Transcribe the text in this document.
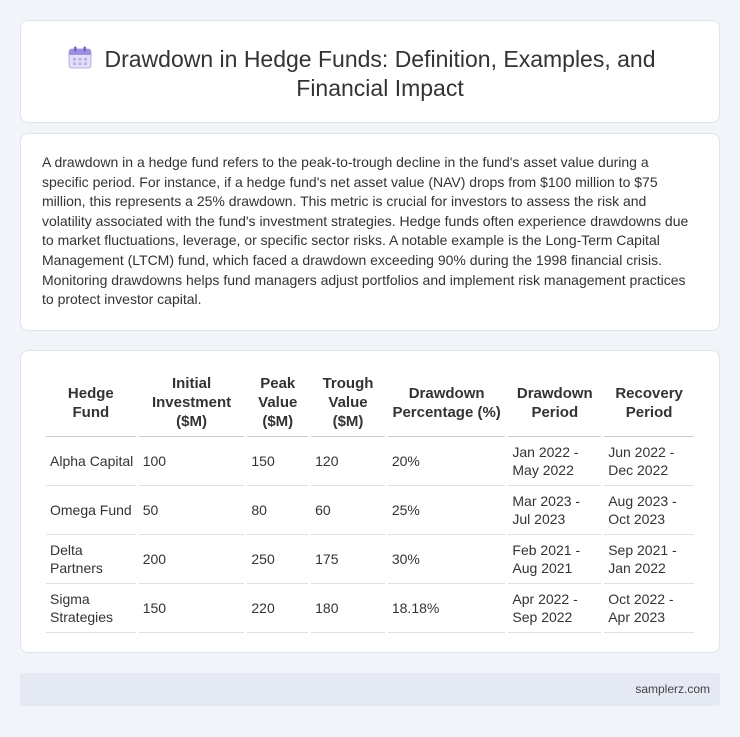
Drawdown in Hedge Funds: Definition, Examples, and Financial Impact

A drawdown in a hedge fund refers to the peak-to-trough decline in the fund's asset value during a specific period. For instance, if a hedge fund's net asset value (NAV) drops from $100 million to $75 million, this represents a 25% drawdown. This metric is crucial for investors to assess the risk and volatility associated with the fund's investment strategies. Hedge funds often experience drawdowns due to market fluctuations, leverage, or specific sector risks. A notable example is the Long-Term Capital Management (LTCM) fund, which faced a drawdown exceeding 90% during the 1998 financial crisis. Monitoring drawdowns helps fund managers adjust portfolios and implement risk management practices to protect investor capital.

Hedge Fund	Initial Investment ($M)	Peak Value ($M)	Trough Value ($M)	Drawdown Percentage (%)	Drawdown Period	Recovery Period
Alpha Capital	100	150	120	20%	Jan 2022 - May 2022	Jun 2022 - Dec 2022
Omega Fund	50	80	60	25%	Mar 2023 - Jul 2023	Aug 2023 - Oct 2023
Delta Partners	200	250	175	30%	Feb 2021 - Aug 2021	Sep 2021 - Jan 2022
Sigma Strategies	150	220	180	18.18%	Apr 2022 - Sep 2022	Oct 2022 - Apr 2023
samplerz.com
